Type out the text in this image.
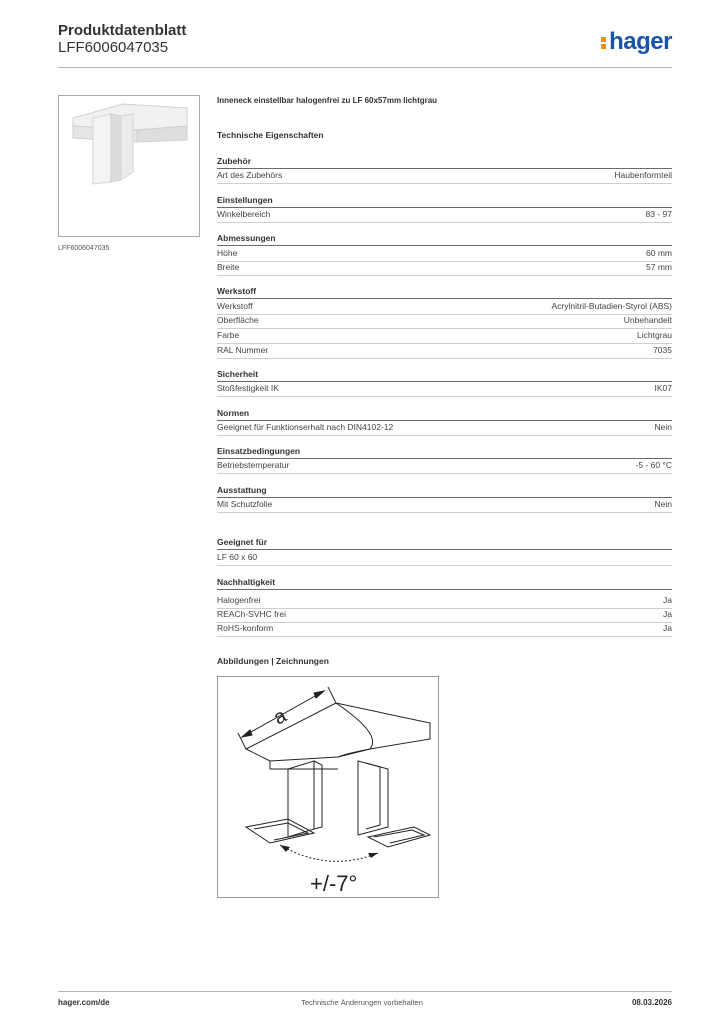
Produktdatenblatt
LFF6006047035	hager
LFF6006047035
Inneneck einstellbar halogenfrei zu LF 60x57mm lichtgrau
Technische Eigenschaften
Zubehör
Art des Zubehörs	Haubenformteil
Einstellungen
Winkelbereich	83 - 97
Abmessungen
Höhe	60 mm
Breite	57 mm
Werkstoff
Werkstoff	Acrylnitril-Butadien-Styrol (ABS)
Oberfläche	Unbehandelt
Farbe	Lichtgrau
RAL Nummer	7035
Sicherheit
Stoßfestigkeit IK	IK07
Normen
Geeignet für Funktionserhalt nach DIN4102-12	Nein
Einsatzbedingungen
Betriebstemperatur	-5 - 60 °C
Ausstattung
Mit Schutzfolie	Nein
Geeignet für
LF 60 x 60
Nachhaltigkeit
Halogenfrei	Ja
REACh-SVHC frei	Ja
RoHS-konform	Ja
Abbildungen | Zeichnungen
a
+/-7°
hager.com/de	Technische Änderungen vorbehalten	08.03.2026
